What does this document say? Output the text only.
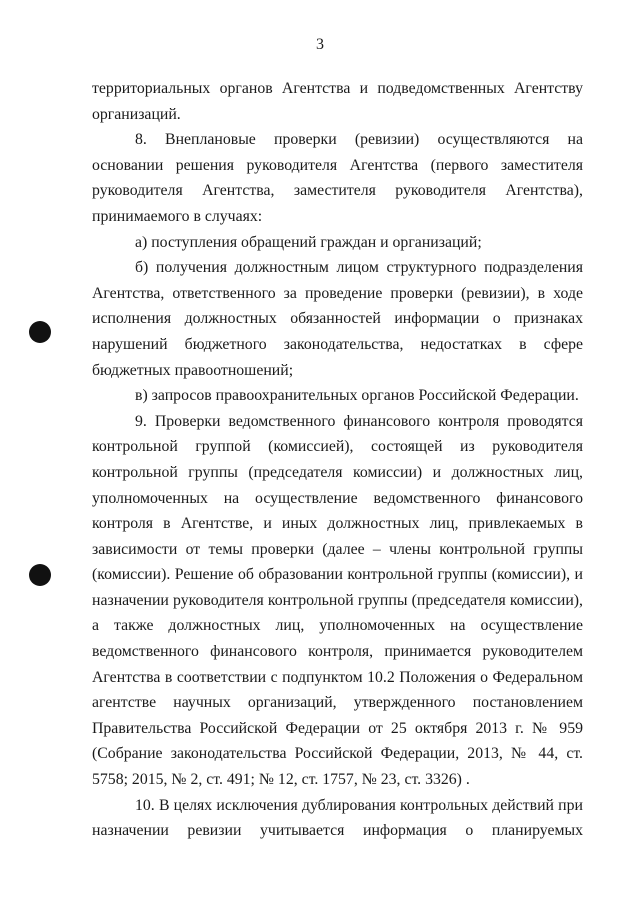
3

территориальных органов Агентства и подведомственных Агентству организаций.

8. Внеплановые проверки (ревизии) осуществляются на основании решения руководителя Агентства (первого заместителя руководителя Агентства, заместителя руководителя Агентства), принимаемого в случаях:

а) поступления обращений граждан и организаций;

б) получения должностным лицом структурного подразделения Агентства, ответственного за проведение проверки (ревизии), в ходе исполнения должностных обязанностей информации о признаках нарушений бюджетного законодательства, недостатках в сфере бюджетных правоотношений;

в) запросов правоохранительных органов Российской Федерации.

9. Проверки ведомственного финансового контроля проводятся контрольной группой (комиссией), состоящей из руководителя контрольной группы (председателя комиссии) и должностных лиц, уполномоченных на осуществление ведомственного финансового контроля в Агентстве, и иных должностных лиц, привлекаемых в зависимости от темы проверки (далее – члены контрольной группы (комиссии). Решение об образовании контрольной группы (комиссии), и назначении руководителя контрольной группы (председателя комиссии), а также должностных лиц, уполномоченных на осуществление ведомственного финансового контроля, принимается руководителем Агентства в соответствии с подпунктом 10.2 Положения о Федеральном агентстве научных организаций, утвержденного постановлением Правительства Российской Федерации от 25 октября 2013 г. № 959 (Собрание законодательства Российской Федерации, 2013, № 44, ст. 5758; 2015, № 2, ст. 491; № 12, ст. 1757, № 23, ст. 3326) .

10. В целях исключения дублирования контрольных действий при назначении ревизии учитывается информация о планируемых
